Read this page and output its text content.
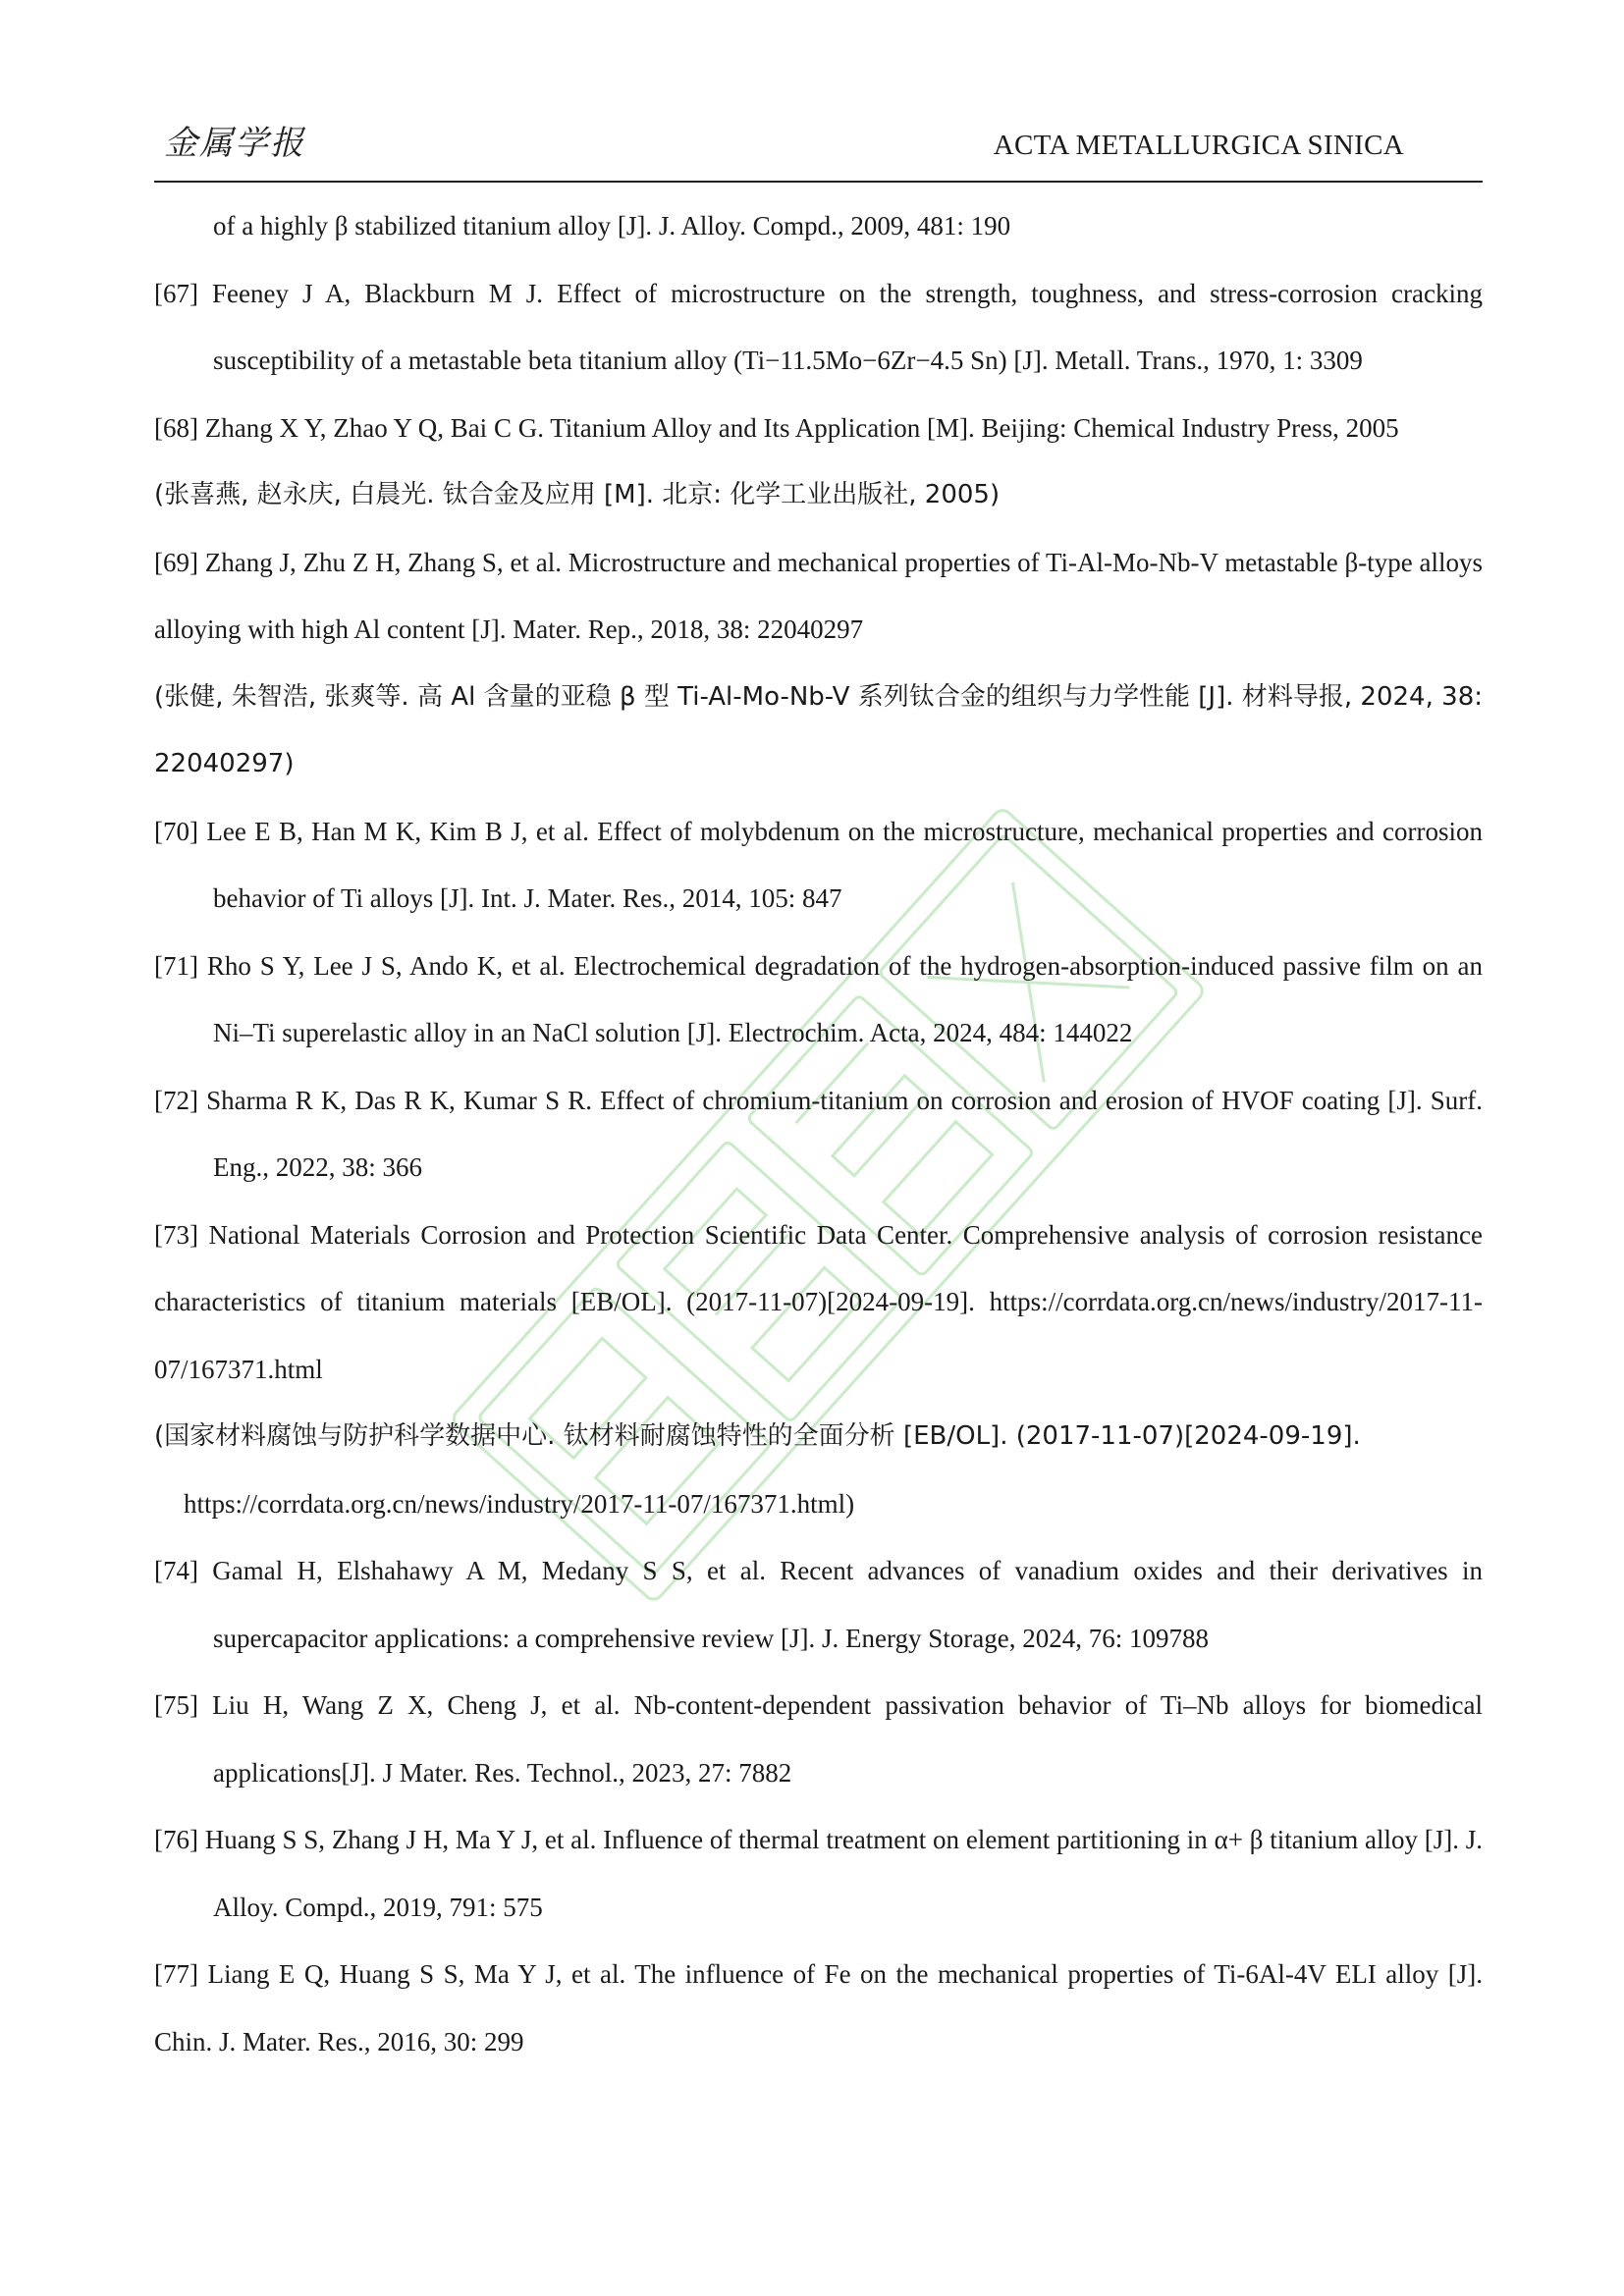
金属学报	ACTA METALLURGICA SINICA

of a highly β stabilized titanium alloy [J]. J. Alloy. Compd., 2009, 481: 190

[67] Feeney J A, Blackburn M J. Effect of microstructure on the strength, toughness, and stress-corrosion cracking susceptibility of a metastable beta titanium alloy (Ti−11.5Mo−6Zr−4.5 Sn) [J]. Metall. Trans., 1970, 1: 3309

[68] Zhang X Y, Zhao Y Q, Bai C G. Titanium Alloy and Its Application [M]. Beijing: Chemical Industry Press, 2005

(张喜燕, 赵永庆, 白晨光. 钛合金及应用 [M]. 北京: 化学工业出版社, 2005)

[69] Zhang J, Zhu Z H, Zhang S, et al. Microstructure and mechanical properties of Ti-Al-Mo-Nb-V metastable β-type alloys alloying with high Al content [J]. Mater. Rep., 2018, 38: 22040297

(张健, 朱智浩, 张爽等. 高 Al 含量的亚稳 β 型 Ti-Al-Mo-Nb-V 系列钛合金的组织与力学性能 [J]. 材料导报, 2024, 38: 22040297)

[70] Lee E B, Han M K, Kim B J, et al. Effect of molybdenum on the microstructure, mechanical properties and corrosion behavior of Ti alloys [J]. Int. J. Mater. Res., 2014, 105: 847

[71] Rho S Y, Lee J S, Ando K, et al. Electrochemical degradation of the hydrogen-absorption-induced passive film on an Ni–Ti superelastic alloy in an NaCl solution [J]. Electrochim. Acta, 2024, 484: 144022

[72] Sharma R K, Das R K, Kumar S R. Effect of chromium-titanium on corrosion and erosion of HVOF coating [J]. Surf. Eng., 2022, 38: 366

[73] National Materials Corrosion and Protection Scientific Data Center. Comprehensive analysis of corrosion resistance characteristics of titanium materials [EB/OL]. (2017-11-07)[2024-09-19]. https://corrdata.org.cn/news/industry/2017-11-07/167371.html

(国家材料腐蚀与防护科学数据中心. 钛材料耐腐蚀特性的全面分析 [EB/OL]. (2017-11-07)[2024-09-19].

https://corrdata.org.cn/news/industry/2017-11-07/167371.html)

[74] Gamal H, Elshahawy A M, Medany S S, et al. Recent advances of vanadium oxides and their derivatives in supercapacitor applications: a comprehensive review [J]. J. Energy Storage, 2024, 76: 109788

[75] Liu H, Wang Z X, Cheng J, et al. Nb-content-dependent passivation behavior of Ti–Nb alloys for biomedical applications[J]. J Mater. Res. Technol., 2023, 27: 7882

[76] Huang S S, Zhang J H, Ma Y J, et al. Influence of thermal treatment on element partitioning in α+ β titanium alloy [J]. J. Alloy. Compd., 2019, 791: 575

[77] Liang E Q, Huang S S, Ma Y J, et al. The influence of Fe on the mechanical properties of Ti-6Al-4V ELI alloy [J]. Chin. J. Mater. Res., 2016, 30: 299
